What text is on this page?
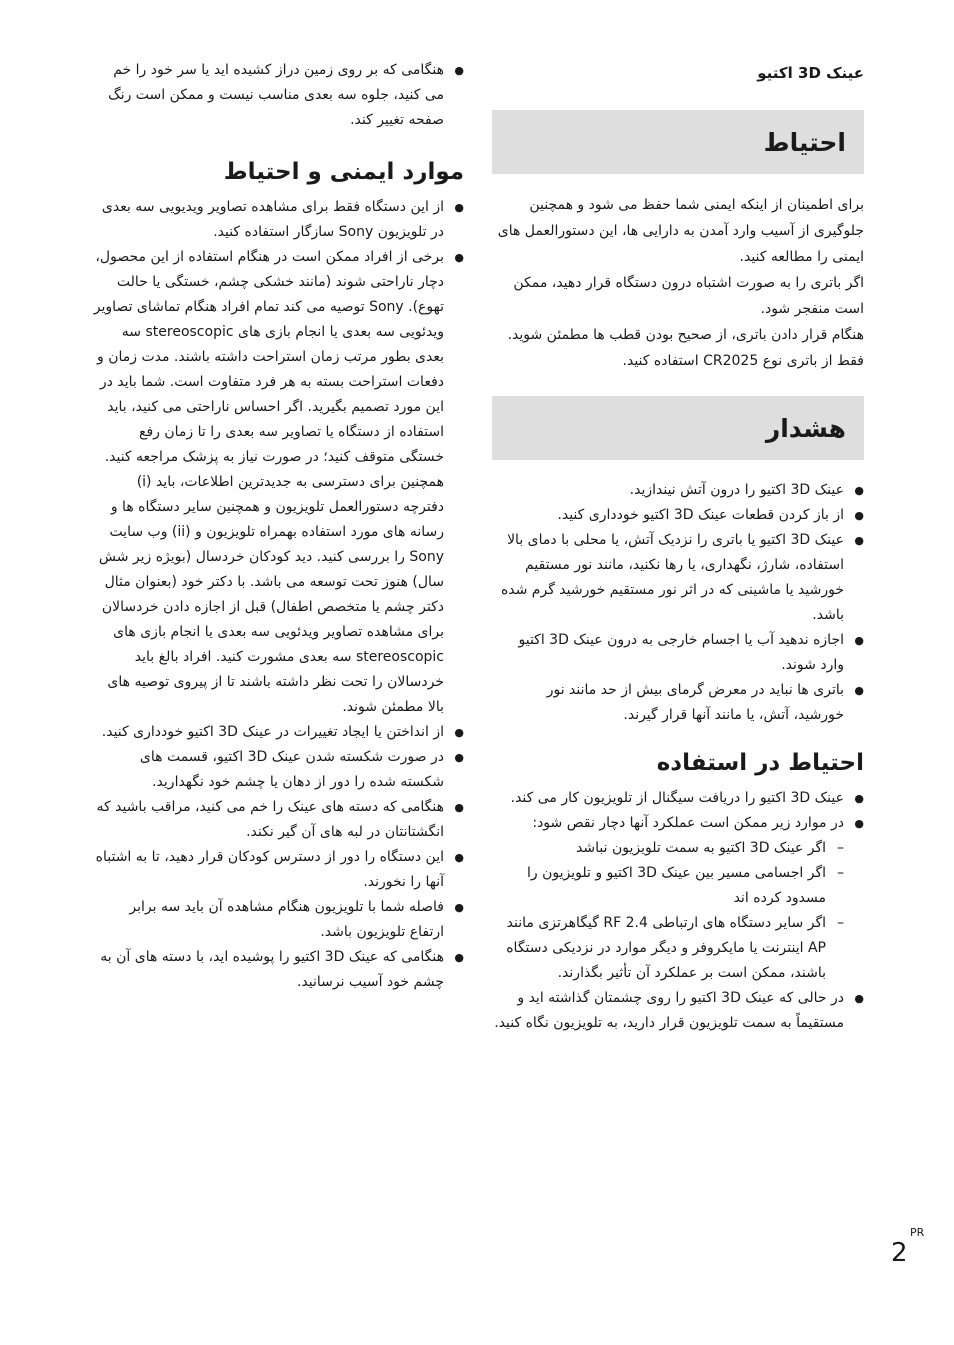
عینک 3D اکتیو
احتیاط

برای اطمینان از اینکه ایمنی شما حفظ می شود و همچنین جلوگیری از آسیب وارد آمدن به دارایی ها، این دستورالعمل های ایمنی را مطالعه کنید.

اگر باتری را به صورت اشتباه درون دستگاه قرار دهید، ممکن است منفجر شود.

هنگام قرار دادن باتری، از صحیح بودن قطب ها مطمئن شوید.

فقط از باتری نوع CR2025 استفاده کنید.

هشدار
● عینک 3D اکتیو را درون آتش نیندازید.
● از باز کردن قطعات عینک 3D اکتیو خودداری کنید.
● عینک 3D اکتیو یا باتری را نزدیک آتش، یا محلی با دمای بالا استفاده، شارژ، نگهداری، یا رها نکنید، مانند نور مستقیم خورشید یا ماشینی که در اثر نور مستقیم خورشید گرم شده باشد.
● اجازه ندهید آب یا اجسام خارجی به درون عینک 3D اکتیو وارد شوند.
● باتری ها نباید در معرض گرمای بیش از حد مانند نور خورشید، آتش، یا مانند آنها قرار گیرند.
احتیاط در استفاده
● عینک 3D اکتیو را دریافت سیگنال از تلویزیون کار می کند.
● در موارد زیر ممکن است عملکرد آنها دچار نقص شود:
– اگر عینک 3D اکتیو به سمت تلویزیون نباشد
– اگر اجسامی مسیر بین عینک 3D اکتیو و تلویزیون را مسدود کرده اند
– اگر سایر دستگاه های ارتباطی RF 2.4 گیگاهرتزی مانند AP اینترنت یا مایکروفر و دیگر موارد در نزدیکی دستگاه باشند، ممکن است بر عملکرد آن تأثیر بگذارند.
● در حالی که عینک 3D اکتیو را روی چشمتان گذاشته اید و مستقیماً به سمت تلویزیون قرار دارید، به تلویزیون نگاه کنید.
● هنگامی که بر روی زمین دراز کشیده اید یا سر خود را خم می کنید، جلوه سه بعدی مناسب نیست و ممکن است رنگ صفحه تغییر کند.
موارد ایمنی و احتیاط
● از این دستگاه فقط برای مشاهده تصاویر ویدیویی سه بعدی در تلویزیون Sony سازگار استفاده کنید.
● برخی از افراد ممکن است در هنگام استفاده از این محصول، دچار ناراحتی شوند (مانند خشکی چشم، خستگی یا حالت تهوع). Sony توصیه می کند تمام افراد هنگام تماشای تصاویر ویدئویی سه بعدی یا انجام بازی های stereoscopic سه بعدی بطور مرتب زمان استراحت داشته باشند. مدت زمان و دفعات استراحت بسته به هر فرد متفاوت است. شما باید در این مورد تصمیم بگیرید. اگر احساس ناراحتی می کنید، باید استفاده از دستگاه یا تصاویر سه بعدی را تا زمان رفع خستگی متوقف کنید؛ در صورت نیاز به پزشک مراجعه کنید. همچنین برای دسترسی به جدیدترین اطلاعات، باید (i) دفترچه دستورالعمل تلویزیون و همچنین سایر دستگاه ها و رسانه های مورد استفاده بهمراه تلویزیون و (ii) وب سایت Sony را بررسی کنید. دید کودکان خردسال (بویژه زیر شش سال) هنوز تحت توسعه می باشد. با دکتر خود (بعنوان مثال دکتر چشم یا متخصص اطفال) قبل از اجازه دادن خردسالان برای مشاهده تصاویر ویدئویی سه بعدی یا انجام بازی های stereoscopic سه بعدی مشورت کنید. افراد بالغ باید خردسالان را تحت نظر داشته باشند تا از پیروی توصیه های بالا مطمئن شوند.
● از انداختن یا ایجاد تغییرات در عینک 3D اکتیو خودداری کنید.
● در صورت شکسته شدن عینک 3D اکتیو، قسمت های شکسته شده را دور از دهان یا چشم خود نگهدارید.
● هنگامی که دسته های عینک را خم می کنید، مراقب باشید که انگشتانتان در لبه های آن گیر نکند.
● این دستگاه را دور از دسترس کودکان قرار دهید، تا به اشتباه آنها را نخورند.
● فاصله شما با تلویزیون هنگام مشاهده آن باید سه برابر ارتفاع تلویزیون باشد.
● هنگامی که عینک 3D اکتیو را پوشیده اید، با دسته های آن به چشم خود آسیب نرسانید.
PR
2
